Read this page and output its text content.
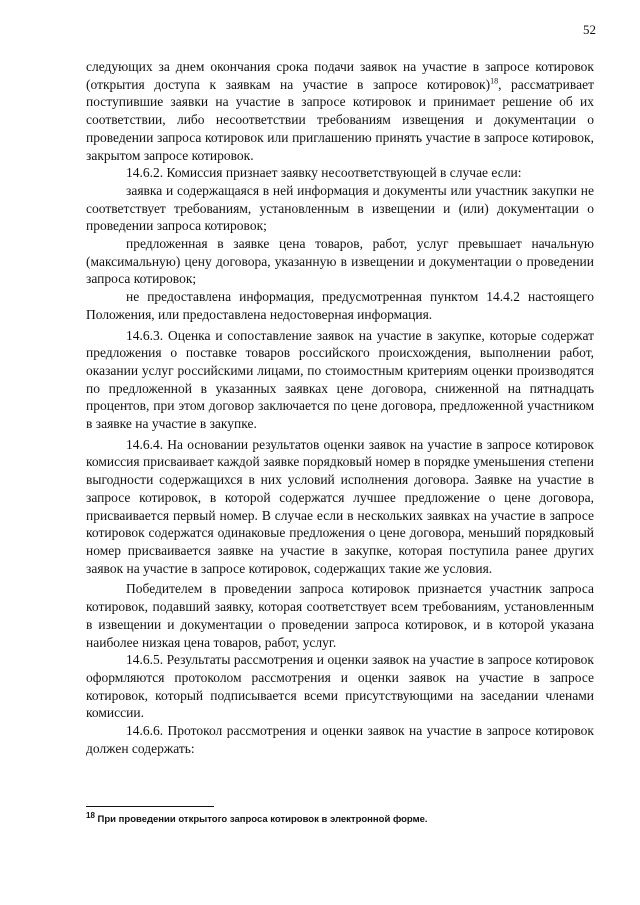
52

следующих за днем окончания срока подачи заявок на участие в запросе котировок (открытия доступа к заявкам на участие в запросе котировок)$^{18}$, рассматривает поступившие заявки на участие в запросе котировок и принимает решение об их соответствии, либо несоответствии требованиям извещения и документации о проведении запроса котировок или приглашению принять участие в запросе котировок, закрытом запросе котировок.

14.6.2. Комиссия признает заявку несоответствующей в случае если:

заявка и содержащаяся в ней информация и документы или участник закупки не соответствует требованиям, установленным в извещении и (или) документации о проведении запроса котировок;

предложенная в заявке цена товаров, работ, услуг превышает начальную (максимальную) цену договора, указанную в извещении и документации о проведении запроса котировок;

не предоставлена информация, предусмотренная пунктом 14.4.2 настоящего Положения, или предоставлена недостоверная информация.

14.6.3. Оценка и сопоставление заявок на участие в закупке, которые содержат предложения о поставке товаров российского происхождения, выполнении работ, оказании услуг российскими лицами, по стоимостным критериям оценки производятся по предложенной в указанных заявках цене договора, сниженной на пятнадцать процентов, при этом договор заключается по цене договора, предложенной участником в заявке на участие в закупке.

14.6.4. На основании результатов оценки заявок на участие в запросе котировок комиссия присваивает каждой заявке порядковый номер в порядке уменьшения степени выгодности содержащихся в них условий исполнения договора. Заявке на участие в запросе котировок, в которой содержатся лучшее предложение о цене договора, присваивается первый номер. В случае если в нескольких заявках на участие в запросе котировок содержатся одинаковые предложения о цене договора, меньший порядковый номер присваивается заявке на участие в закупке, которая поступила ранее других заявок на участие в запросе котировок, содержащих такие же условия.

Победителем в проведении запроса котировок признается участник запроса котировок, подавший заявку, которая соответствует всем требованиям, установленным в извещении и документации о проведении запроса котировок, и в которой указана наиболее низкая цена товаров, работ, услуг.

14.6.5. Результаты рассмотрения и оценки заявок на участие в запросе котировок оформляются протоколом рассмотрения и оценки заявок на участие в запросе котировок, который подписывается всеми присутствующими на заседании членами комиссии.

14.6.6. Протокол рассмотрения и оценки заявок на участие в запросе котировок должен содержать:

$^{18}$ При проведении открытого запроса котировок в электронной форме.
